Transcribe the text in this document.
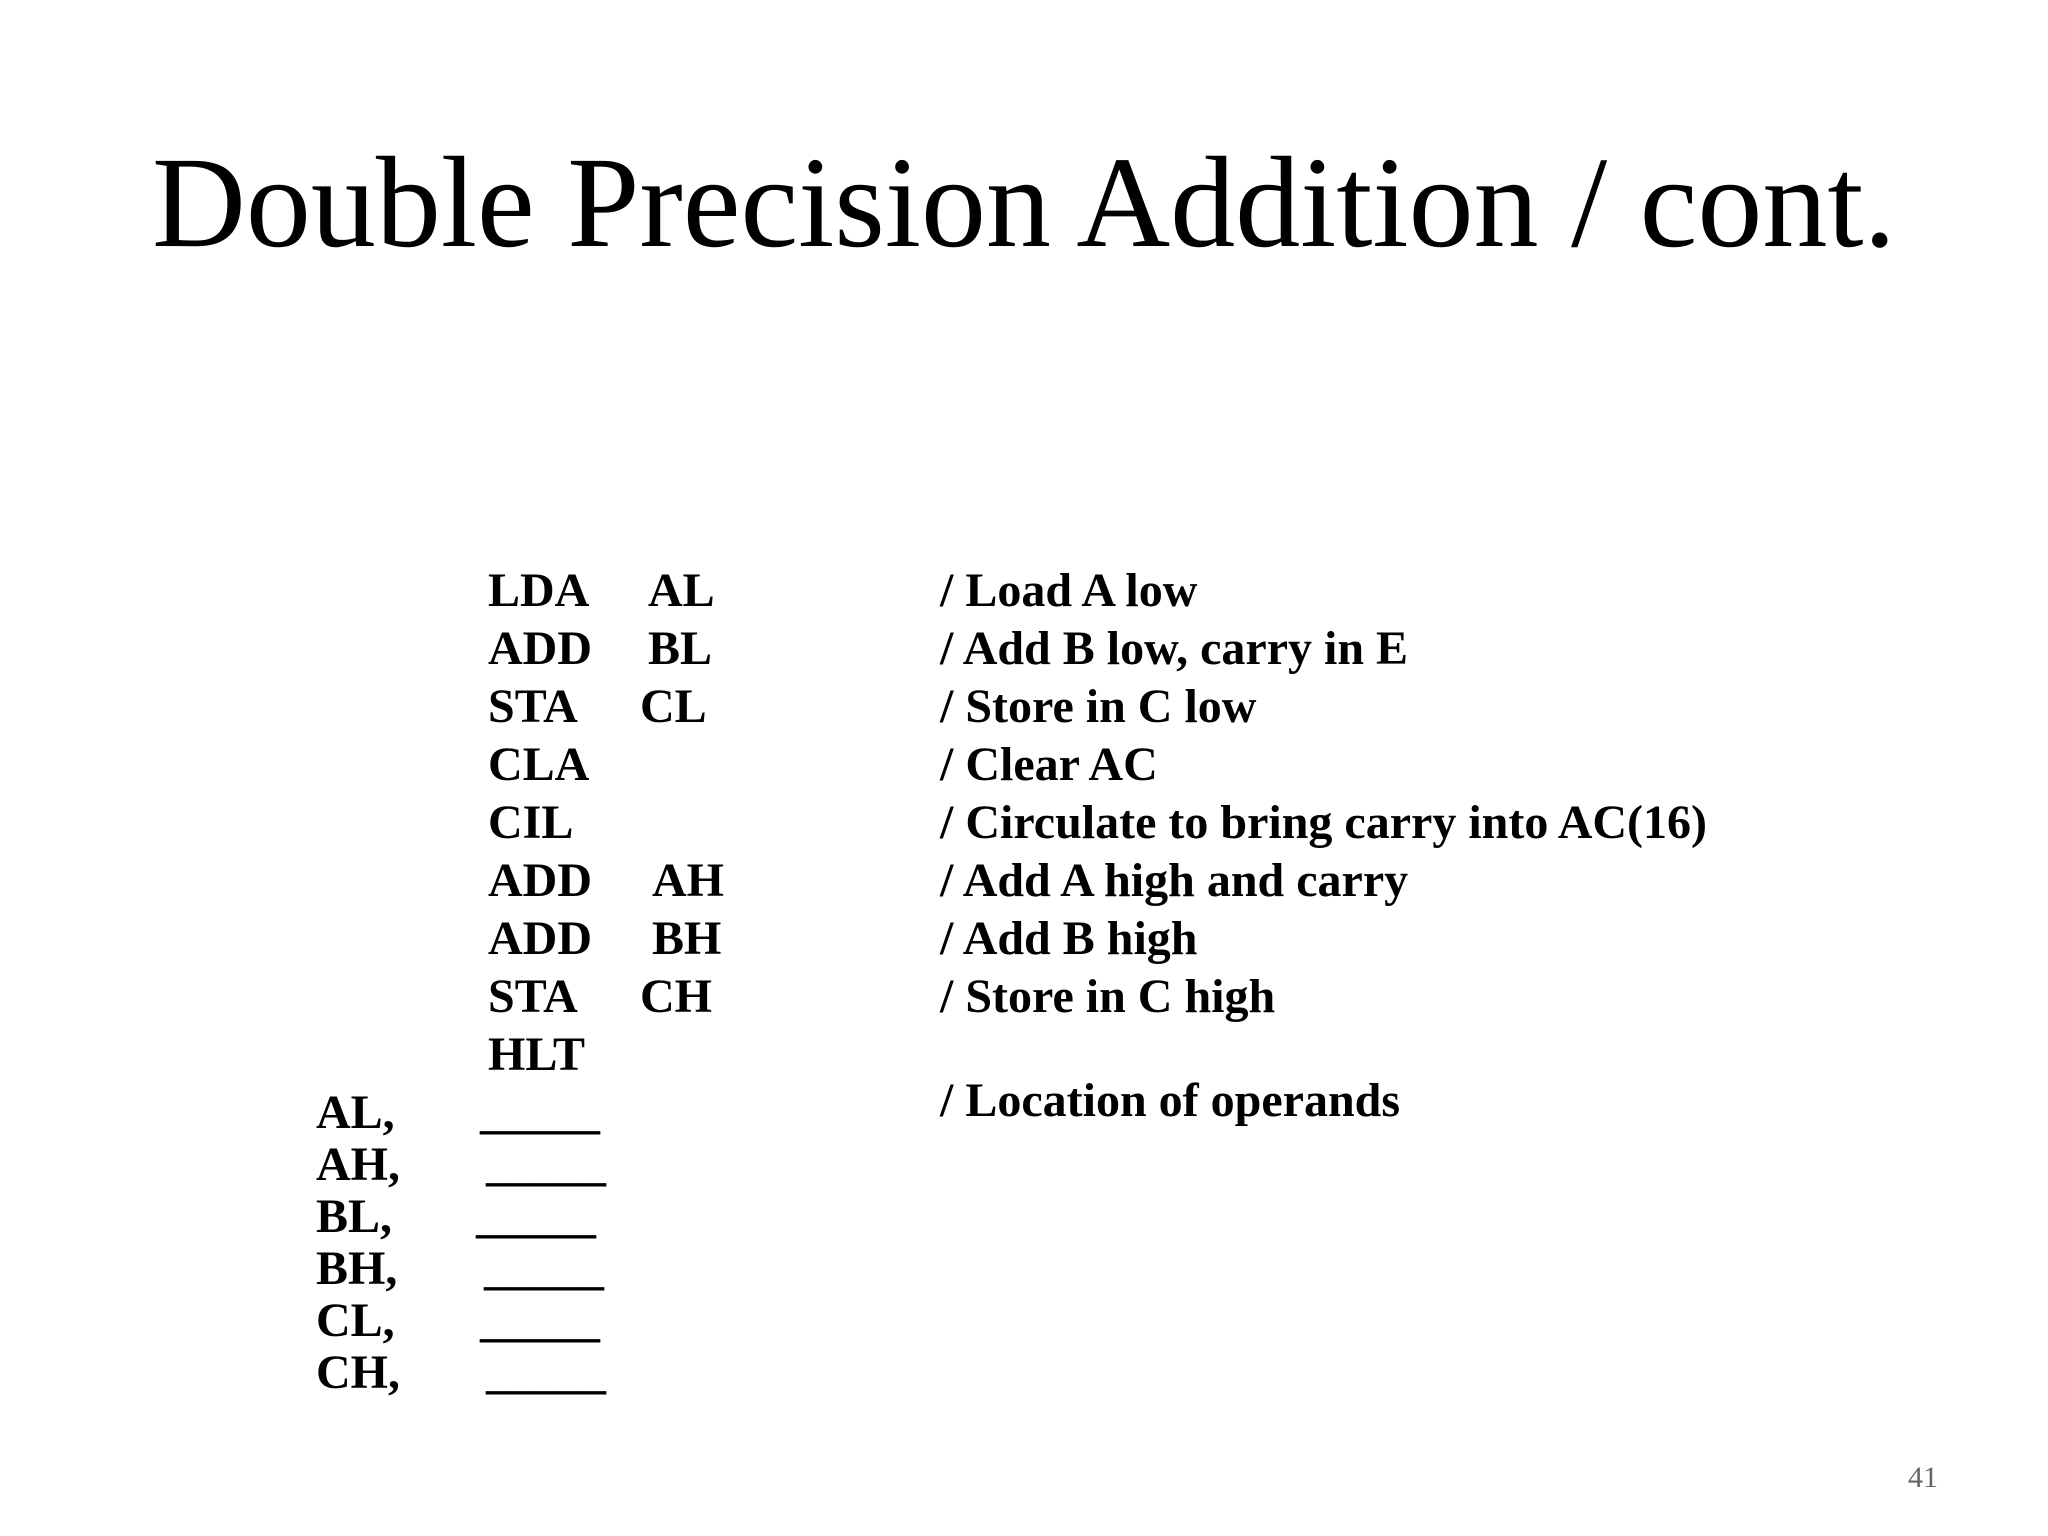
Double Precision Addition / cont.
LDA AL	/ Load A low
ADD BL	/ Add B low, carry in E
STA CL	/ Store in C low
CLA	/ Clear AC
CIL	/ Circulate to bring carry into AC(16)
ADD AH	/ Add A high and carry
ADD BH	/ Add B high
STA CH	/ Store in C high
HLT
/ Location of operands
AL, _____
AH, _____
BL, _____
BH, _____
CL, _____
CH, _____
41
